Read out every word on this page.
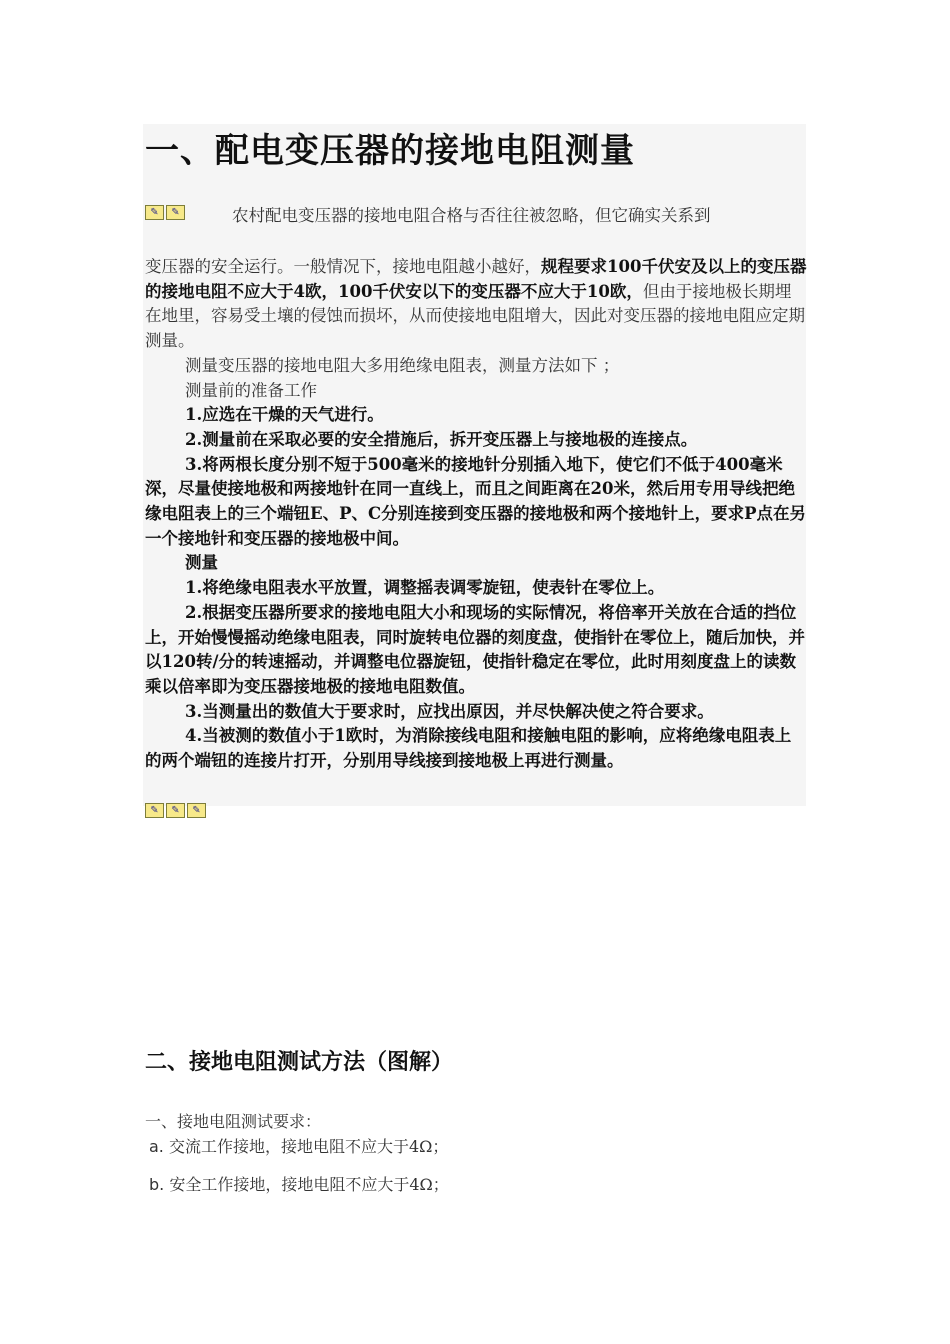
一、配电变压器的接地电阻测量
✎	✎	农村配电变压器的接地电阻合格与否往往被忽略，但它确实关系到

变压器的安全运行。一般情况下，接地电阻越小越好，规程要求100千伏安及以上的变压器的接地电阻不应大于4欧，100千伏安以下的变压器不应大于10欧，但由于接地极长期埋在地里，容易受土壤的侵蚀而损坏，从而使接地电阻增大，因此对变压器的接地电阻应定期测量。

测量变压器的接地电阻大多用绝缘电阻表，测量方法如下 ；

测量前的准备工作

1.应选在干燥的天气进行。

2.测量前在采取必要的安全措施后，拆开变压器上与接地极的连接点。

3.将两根长度分别不短于500毫米的接地针分别插入地下，使它们不低于400毫米深，尽量使接地极和两接地针在同一直线上，而且之间距离在20米，然后用专用导线把绝缘电阻表上的三个端钮E、P、C分别连接到变压器的接地极和两个接地针上，要求P点在另一个接地针和变压器的接地极中间。

测量

1.将绝缘电阻表水平放置，调整摇表调零旋钮，使表针在零位上。

2.根据变压器所要求的接地电阻大小和现场的实际情况，将倍率开关放在合适的挡位上，开始慢慢摇动绝缘电阻表，同时旋转电位器的刻度盘，使指针在零位上，随后加快，并以120转/分的转速摇动，并调整电位器旋钮，使指针稳定在零位，此时用刻度盘上的读数乘以倍率即为变压器接地极的接地电阻数值。

3.当测量出的数值大于要求时，应找出原因，并尽快解决使之符合要求。

4.当被测的数值小于1欧时，为消除接线电阻和接触电阻的影响，应将绝缘电阻表上的两个端钮的连接片打开，分别用导线接到接地极上再进行测量。

✎	✎	✎
二、接地电阻测试方法（图解）
一、接地电阻测试要求：
a. 交流工作接地，接地电阻不应大于4Ω；
b. 安全工作接地，接地电阻不应大于4Ω；
